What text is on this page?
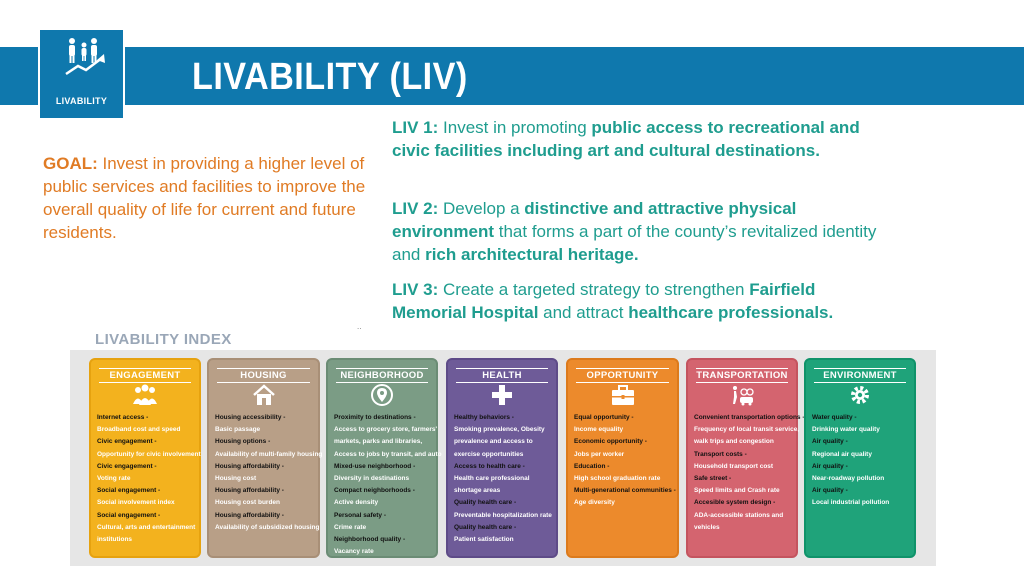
LIVABILITY
LIVABILITY (LIV)
GOAL: Invest in providing a higher level of public services and facilities to improve the overall quality of life for current and future residents.
LIV 1: Invest in promoting public access to recreational and civic facilities including art and cultural destinations.
LIV 2: Develop a distinctive and attractive physical environment that forms a part of the county’s revitalized identity and rich architectural heritage.
LIV 3: Create a targeted strategy to strengthen Fairfield Memorial Hospital and attract healthcare professionals.
LIVABILITY INDEX
..
ENGAGEMENT
Internet access -
Broadband cost and speed
Civic engagement -
Opportunity for civic involvement
Civic engagement -
Voting rate
Social engagement -
Social involvement index
Social engagement -
Cultural, arts and entertainment
institutions
HOUSING
Housing accessibility -
Basic passage
Housing options -
Availability of multi-family housing
Housing affordability -
Housing cost
Housing affordability -
Housing cost burden
Housing affordability -
Availability of subsidized housing
NEIGHBORHOOD
Proximity to destinations -
Access to grocery store, farmers'
markets, parks and libraries,
Access to jobs by transit, and auto
Mixed-use neighborhood -
Diversity in destinations
Compact neighborhoods -
Active density
Personal safety -
Crime rate
Neighborhood quality -
Vacancy rate
HEALTH
Healthy behaviors -
Smoking prevalence, Obesity
prevalence and access to
exercise opportunities
Access to health care -
Health care professional
shortage areas
Quality health care -
Preventable hospitalization rate
Quality health care -
Patient satisfaction
OPPORTUNITY
Equal opportunity -
Income equality
Economic opportunity -
Jobs per worker
Education -
High school graduation rate
Multi-generational communities -
Age diversity
TRANSPORTATION
Convenient transportation options -
Frequency of local transit service,
walk trips and congestion
Transport costs -
Household transport cost
Safe street -
Speed limits and Crash rate
Accesible system design -
ADA-accessible stations and
vehicles
ENVIRONMENT
Water quality -
Drinking water quality
Air quality -
Regional air quality
Air quality -
Near-roadway pollution
Air quality -
Local industrial pollution
